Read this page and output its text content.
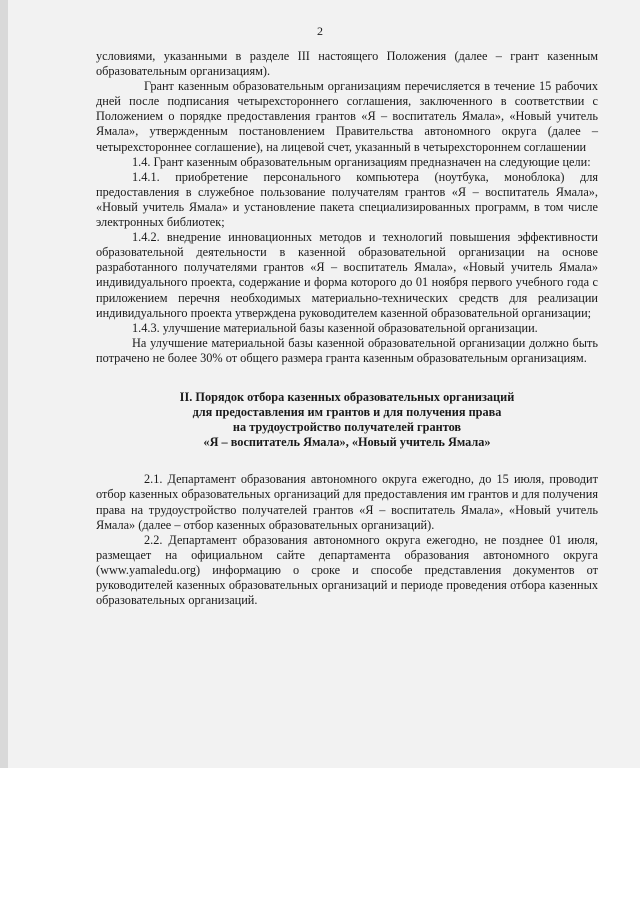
2

условиями, указанными в разделе III настоящего Положения (далее – грант казенным образовательным организациям).

Грант казенным образовательным организациям перечисляется в течение 15 рабочих дней после подписания четырехстороннего соглашения, заключенного в соответствии с Положением о порядке предоставления грантов «Я – воспитатель Ямала», «Новый учитель Ямала», утвержденным постановлением Правительства автономного округа (далее – четырехстороннее соглашение), на лицевой счет, указанный в четырехстороннем соглашении

1.4. Грант казенным образовательным организациям предназначен на следующие цели:

1.4.1. приобретение персонального компьютера (ноутбука, моноблока) для предоставления в служебное пользование получателям грантов «Я – воспитатель Ямала», «Новый учитель Ямала» и установление пакета специализированных программ, в том числе электронных библиотек;

1.4.2. внедрение инновационных методов и технологий повышения эффективности образовательной деятельности в казенной образовательной организации на основе разработанного получателями грантов «Я – воспитатель Ямала», «Новый учитель Ямала» индивидуального проекта, содержание и форма которого до 01 ноября первого учебного года с приложением перечня необходимых материально-технических средств для реализации индивидуального проекта утверждена руководителем казенной образовательной организации;

1.4.3. улучшение материальной базы казенной образовательной организации.

На улучшение материальной базы казенной образовательной организации должно быть потрачено не более 30% от общего размера гранта казенным образовательным организациям.

II. Порядок отбора казенных образовательных организаций
для предоставления им грантов и для получения права
на трудоустройство получателей грантов
«Я – воспитатель Ямала», «Новый учитель Ямала»

2.1. Департамент образования автономного округа ежегодно, до 15 июля, проводит отбор казенных образовательных организаций для предоставления им грантов и для получения права на трудоустройство получателей грантов «Я – воспитатель Ямала», «Новый учитель Ямала» (далее – отбор казенных образовательных организаций).

2.2. Департамент образования автономного округа ежегодно, не позднее 01 июля, размещает на официальном сайте департамента образования автономного округа (www.yamaledu.org) информацию о сроке и способе представления документов от руководителей казенных образовательных организаций и периоде проведения отбора казенных образовательных организаций.
